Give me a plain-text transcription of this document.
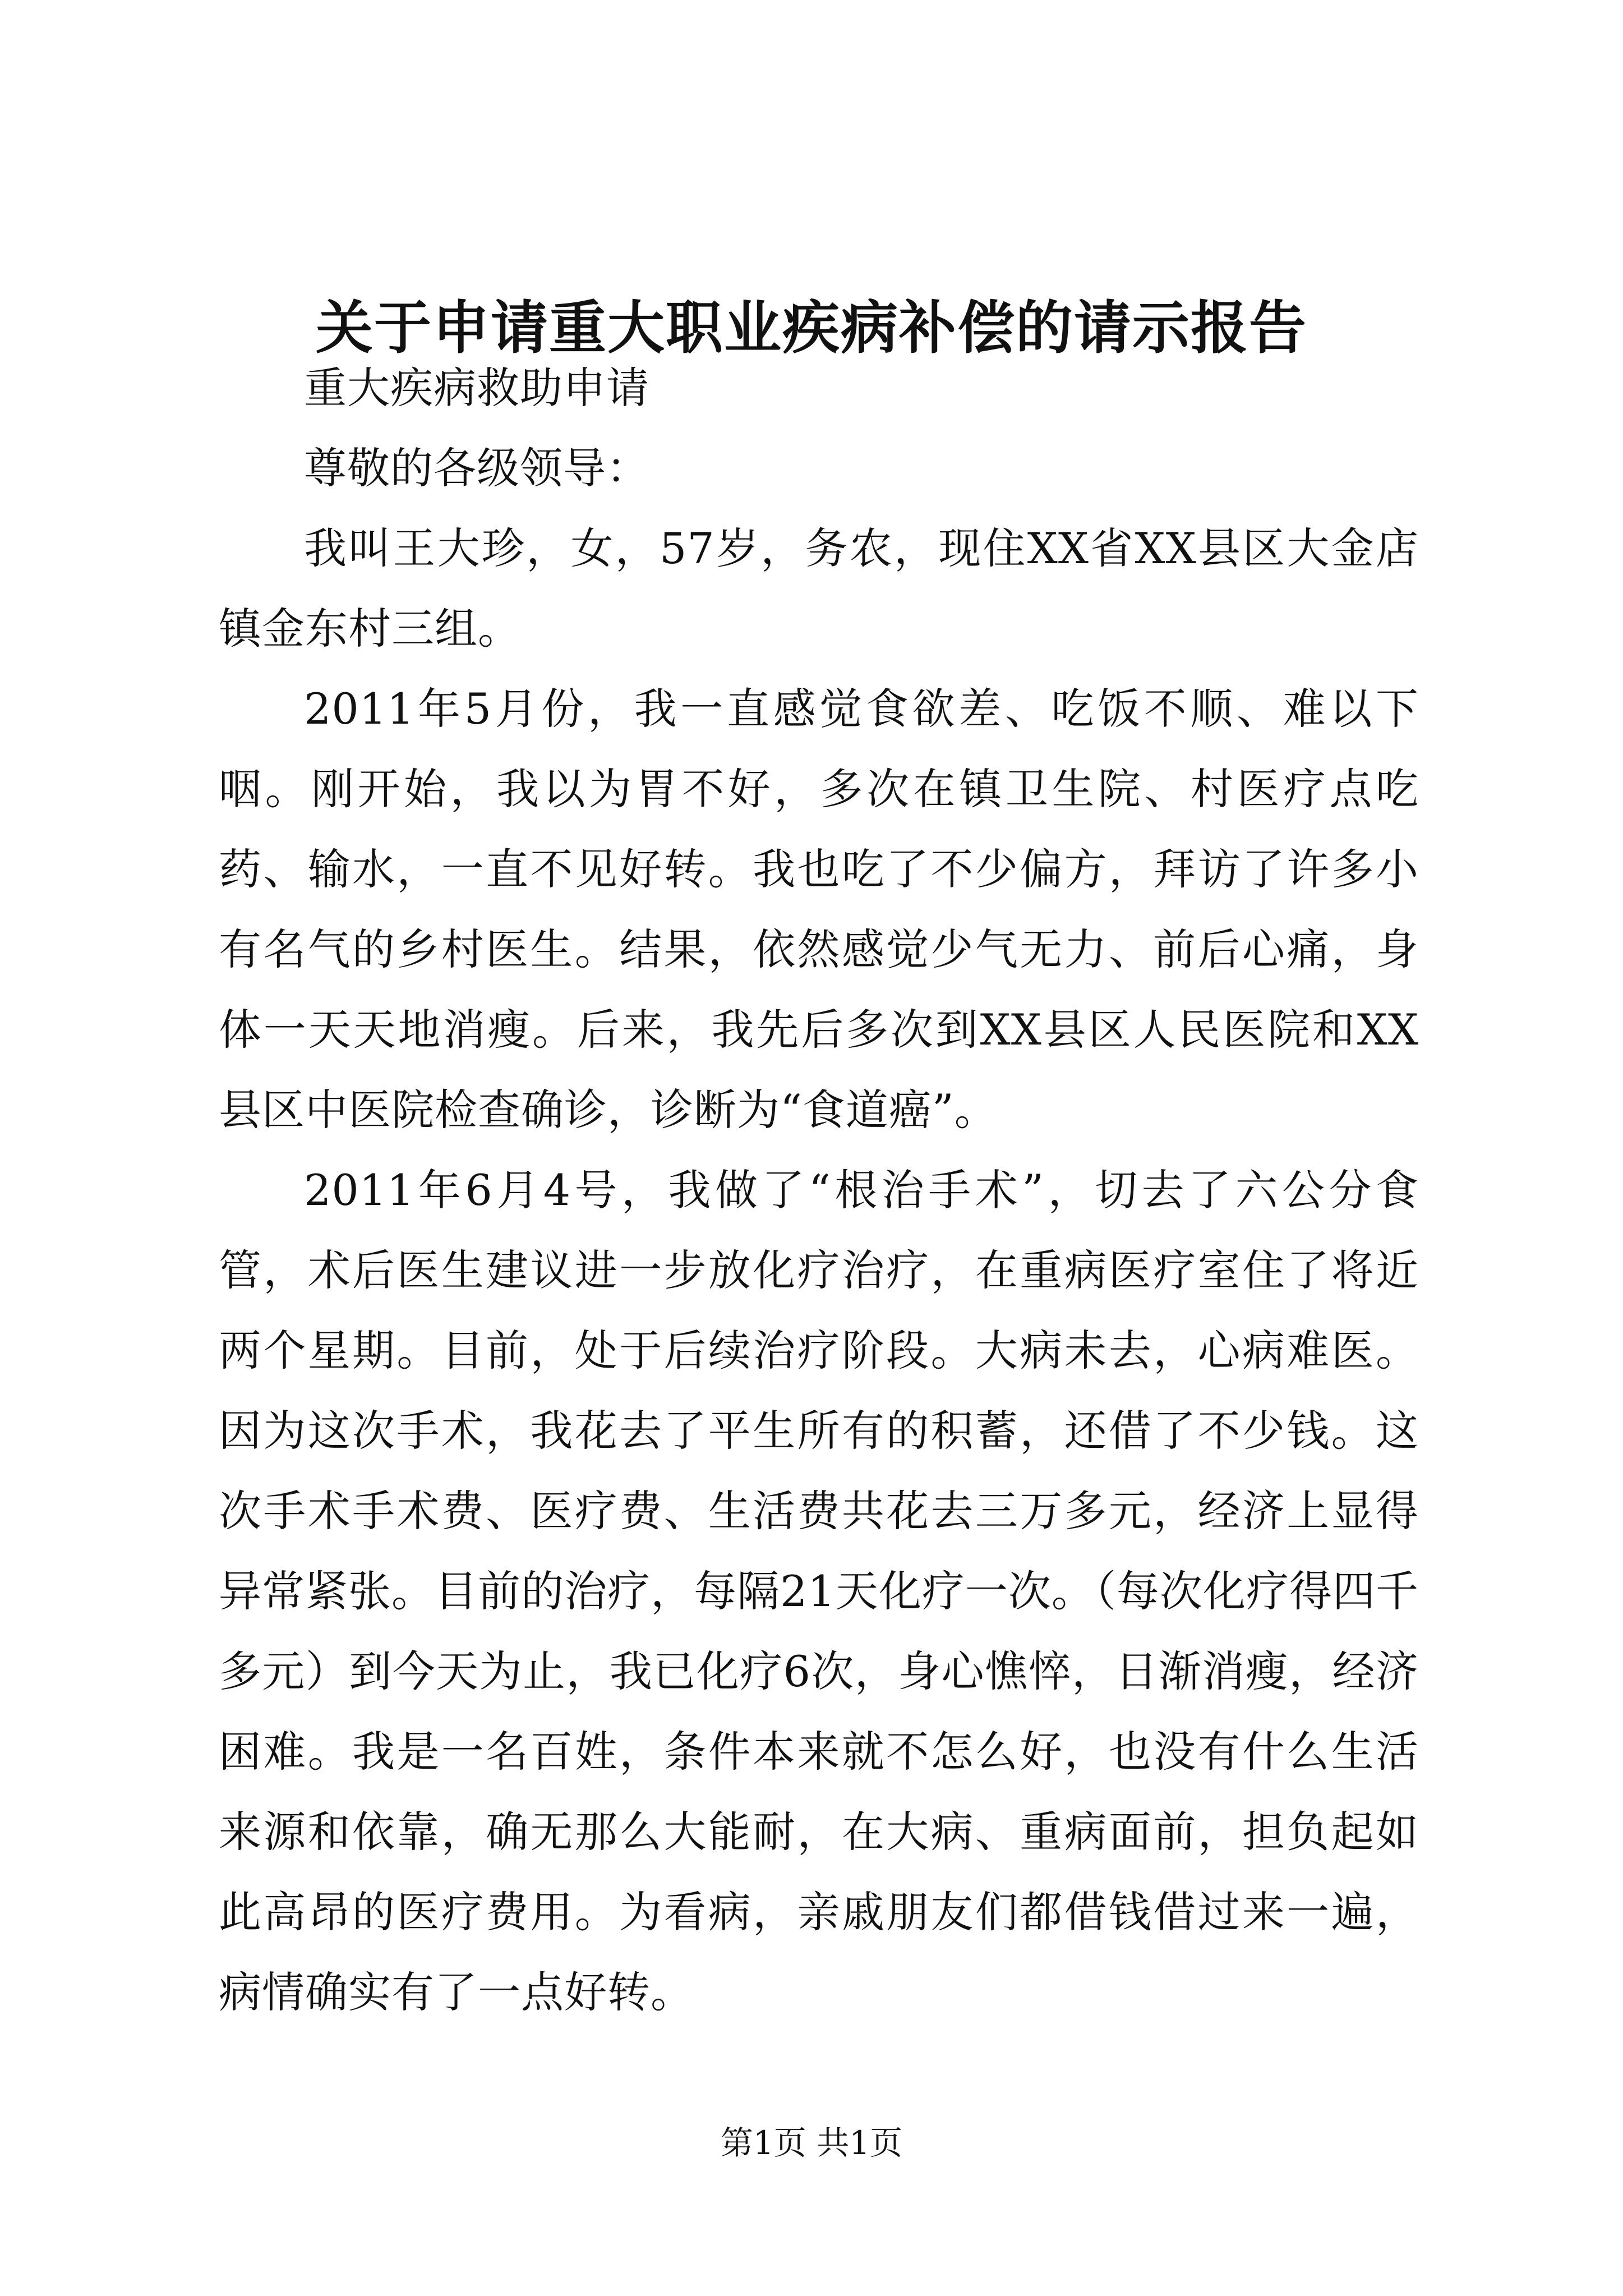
关于申请重大职业疾病补偿的请示报告

重大疾病救助申请

尊敬的各级领导：

我叫王大珍，女，57岁，务农，现住XX省XX县区大金店镇金东村三组。

2011年5月份，我一直感觉食欲差、吃饭不顺、难以下咽。刚开始，我以为胃不好，多次在镇卫生院、村医疗点吃药、输水，一直不见好转。我也吃了不少偏方，拜访了许多小有名气的乡村医生。结果，依然感觉少气无力、前后心痛，身体一天天地消瘦。后来，我先后多次到XX县区人民医院和XX县区中医院检查确诊，诊断为“食道癌”。

2011年6月4号，我做了“根治手术”，切去了六公分食管，术后医生建议进一步放化疗治疗，在重病医疗室住了将近两个星期。目前，处于后续治疗阶段。大病未去，心病难医。因为这次手术，我花去了平生所有的积蓄，还借了不少钱。这次手术手术费、医疗费、生活费共花去三万多元，经济上显得异常紧张。目前的治疗，每隔21天化疗一次。（每次化疗得四千多元）到今天为止，我已化疗6次，身心憔悴，日渐消瘦，经济困难。我是一名百姓，条件本来就不怎么好，也没有什么生活来源和依靠，确无那么大能耐，在大病、重病面前，担负起如此高昂的医疗费用。为看病，亲戚朋友们都借钱借过来一遍，病情确实有了一点好转。

第1页 共1页
